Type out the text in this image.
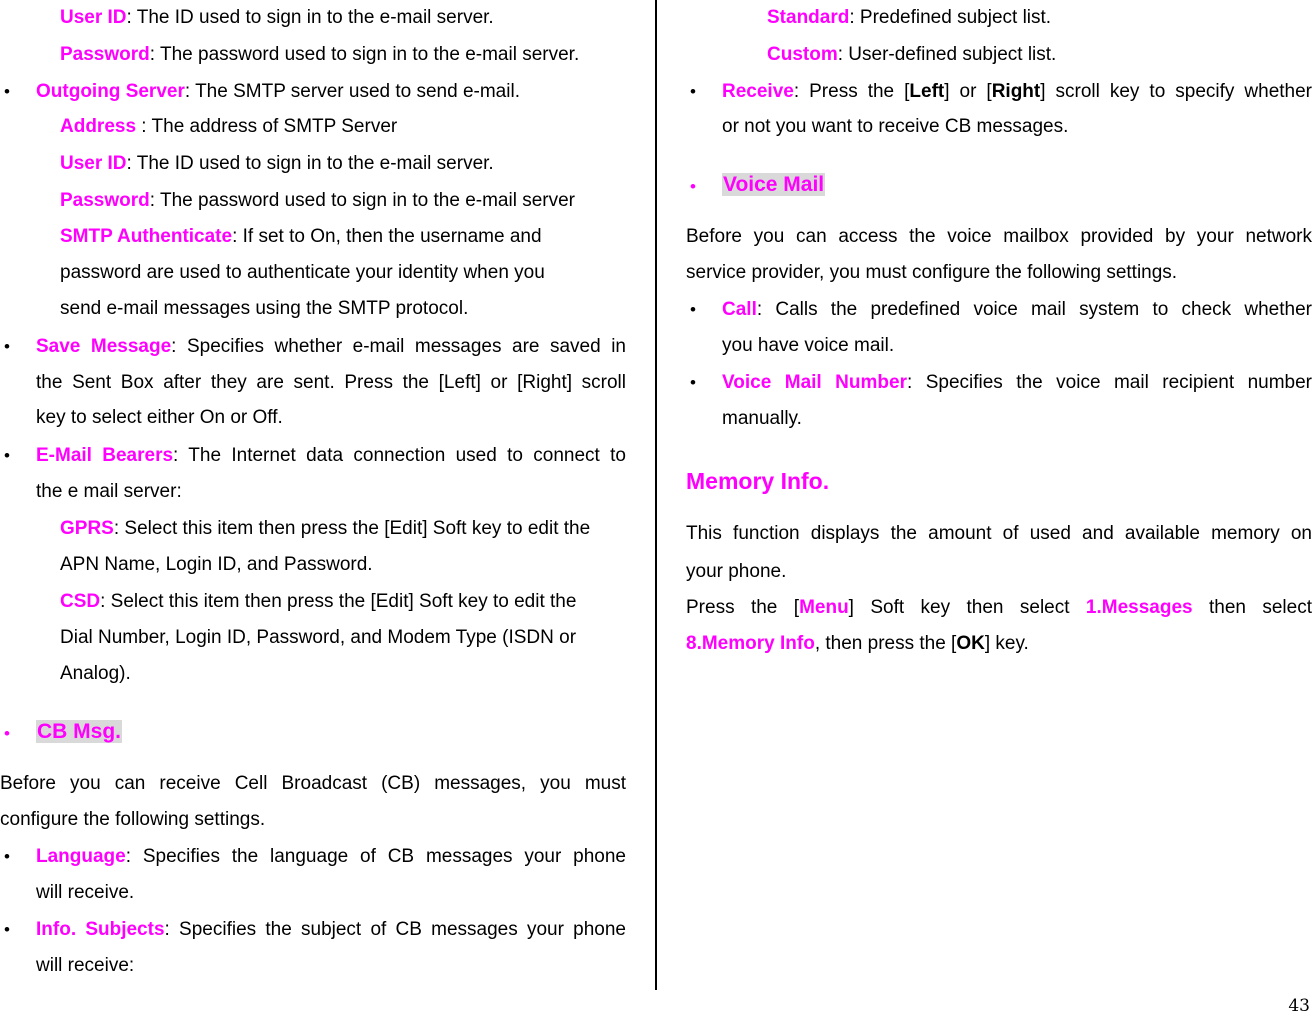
User ID: The ID used to sign in to the e-mail server.
Password: The password used to sign in to the e-mail server.
• Outgoing Server: The SMTP server used to send e-mail.
Address : The address of SMTP Server
User ID: The ID used to sign in to the e-mail server.
Password: The password used to sign in to the e-mail server
SMTP Authenticate: If set to On, then the username and
password are used to authenticate your identity when you
send e-mail messages using the SMTP protocol.
• Save Message: Specifies whether e-mail messages are saved in
the Sent Box after they are sent. Press the [Left] or [Right] scroll
key to select either On or Off.
• E-Mail Bearers: The Internet data connection used to connect to
the e mail server:
GPRS: Select this item then press the [Edit] Soft key to edit the
APN Name, Login ID, and Password.
CSD: Select this item then press the [Edit] Soft key to edit the
Dial Number, Login ID, Password, and Modem Type (ISDN or
Analog).
• CB Msg.
Before you can receive Cell Broadcast (CB) messages, you must
configure the following settings.
• Language: Specifies the language of CB messages your phone
will receive.
• Info. Subjects: Specifies the subject of CB messages your phone
will receive:
Standard: Predefined subject list.
Custom: User-defined subject list.
• Receive: Press the [Left] or [Right] scroll key to specify whether
or not you want to receive CB messages.
• Voice Mail
Before you can access the voice mailbox provided by your network
service provider, you must configure the following settings.
• Call: Calls the predefined voice mail system to check whether
you have voice mail.
• Voice Mail Number: Specifies the voice mail recipient number
manually.
Memory Info.
This function displays the amount of used and available memory on
your phone.
Press the [Menu] Soft key then select 1.Messages then select
8.Memory Info, then press the [OK] key.
43
